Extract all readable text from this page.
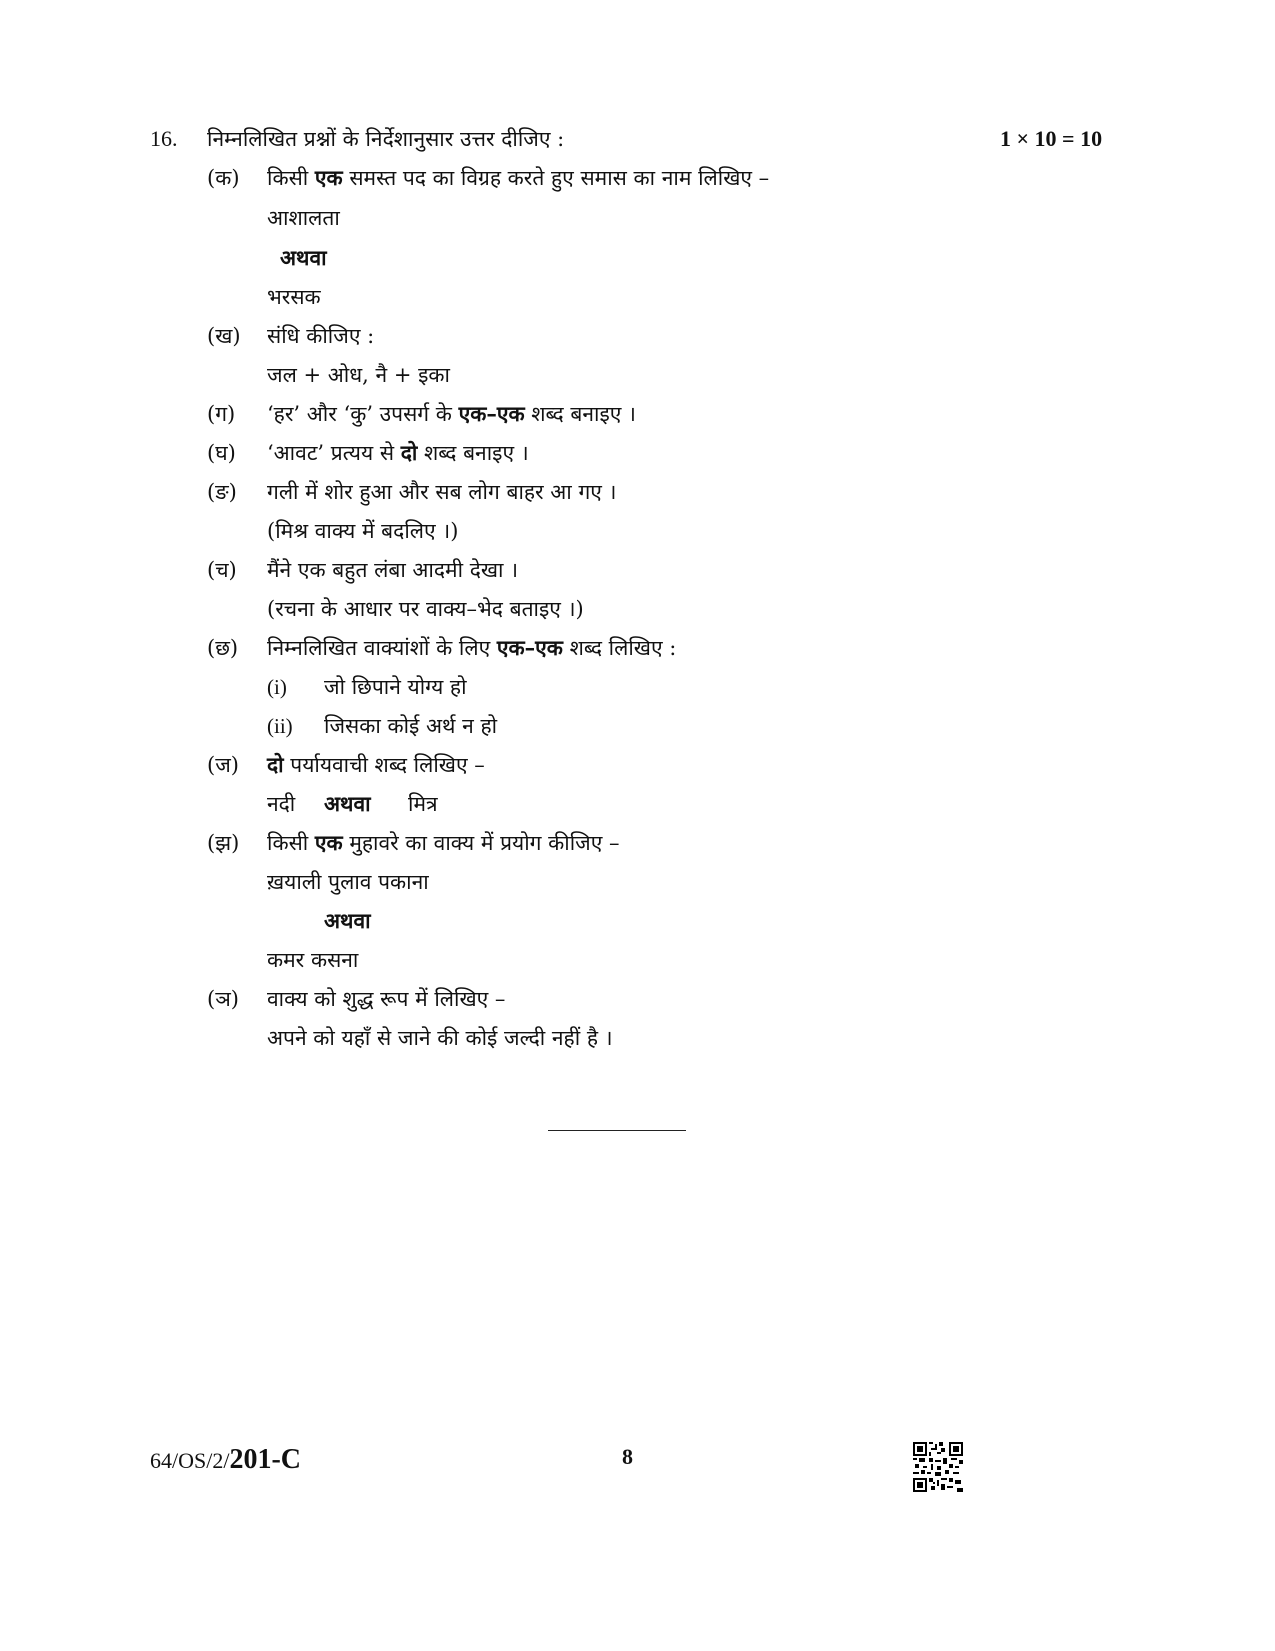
16. निम्नलिखित प्रश्नों के निर्देशानुसार उत्तर दीजिए :	1 × 10 = 10
(क) किसी एक समस्त पद का विग्रह करते हुए समास का नाम लिखिए –
आशालता
अथवा
भरसक
(ख) संधि कीजिए :
जल + ओध, नै + इका
(ग) ‘हर’ और ‘कु’ उपसर्ग के एक–एक शब्द बनाइए ।
(घ) ‘आवट’ प्रत्यय से दो शब्द बनाइए ।
(ङ) गली में शोर हुआ और सब लोग बाहर आ गए ।
(मिश्र वाक्य में बदलिए ।)
(च) मैंने एक बहुत लंबा आदमी देखा ।
(रचना के आधार पर वाक्य–भेद बताइए ।)
(छ) निम्नलिखित वाक्यांशों के लिए एक–एक शब्द लिखिए :
(i) जो छिपाने योग्य हो
(ii) जिसका कोई अर्थ न हो
(ज) दो पर्यायवाची शब्द लिखिए –
नदी अथवा मित्र
(झ) किसी एक मुहावरे का वाक्य में प्रयोग कीजिए –
ख़याली पुलाव पकाना
अथवा
कमर कसना
(ञ) वाक्य को शुद्ध रूप में लिखिए –
अपने को यहाँ से जाने की कोई जल्दी नहीं है ।
64/OS/2/201-C	8
